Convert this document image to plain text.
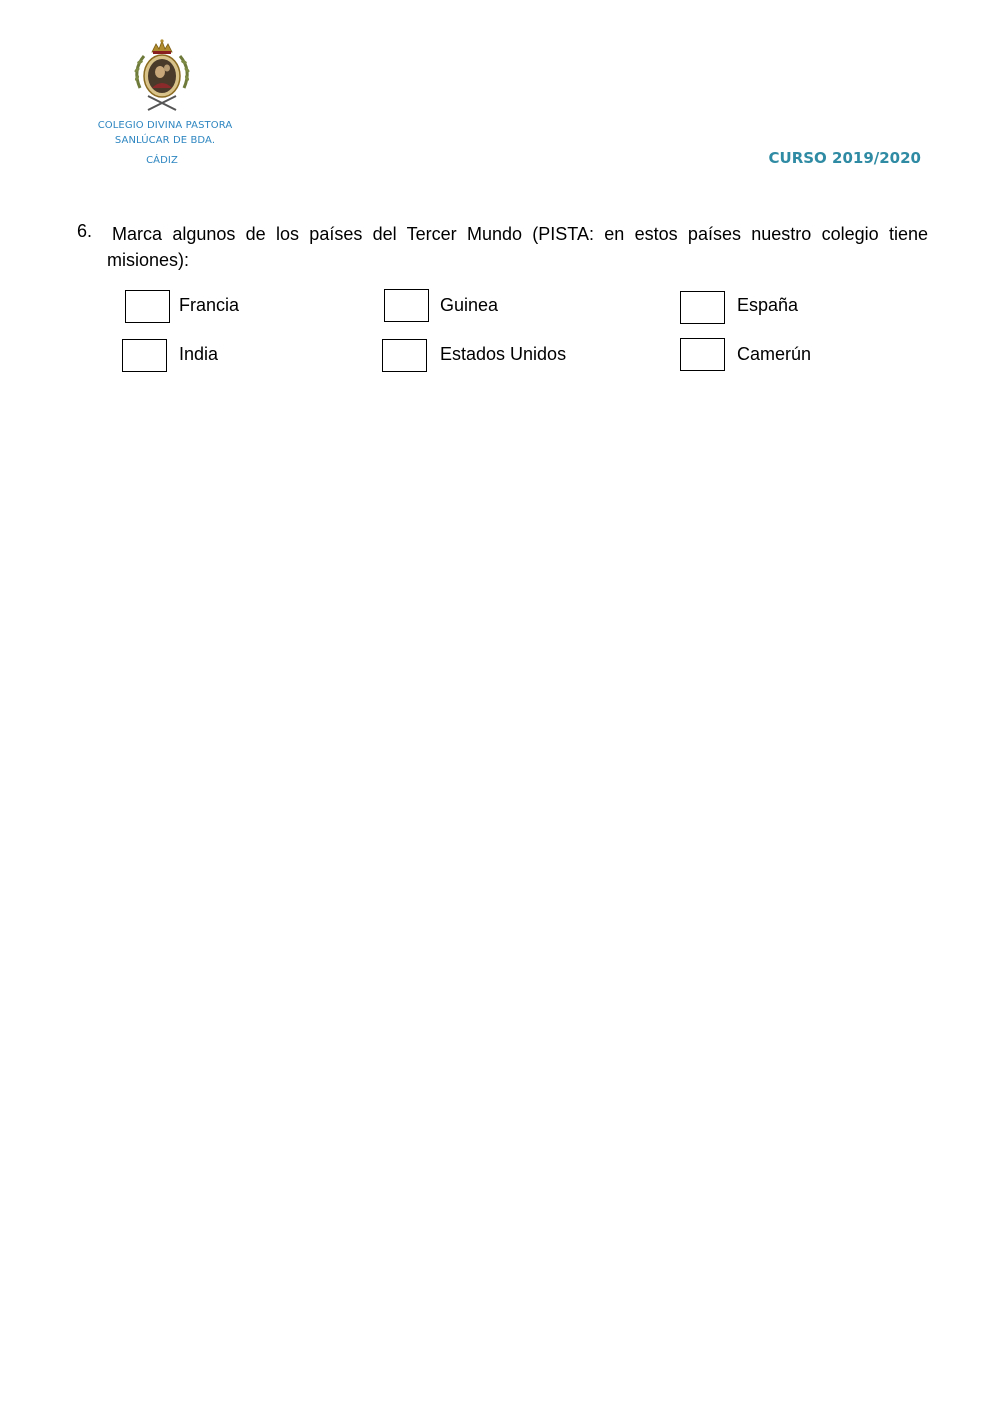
COLEGIO DIVINA PASTORA
SANLÚCAR DE BDA.
CÁDIZ	CURSO 2019/2020
6. Marca algunos de los países del Tercer Mundo (PISTA: en estos países nuestro colegio tiene misiones):
Francia	Guinea	España
India	Estados Unidos	Camerún
